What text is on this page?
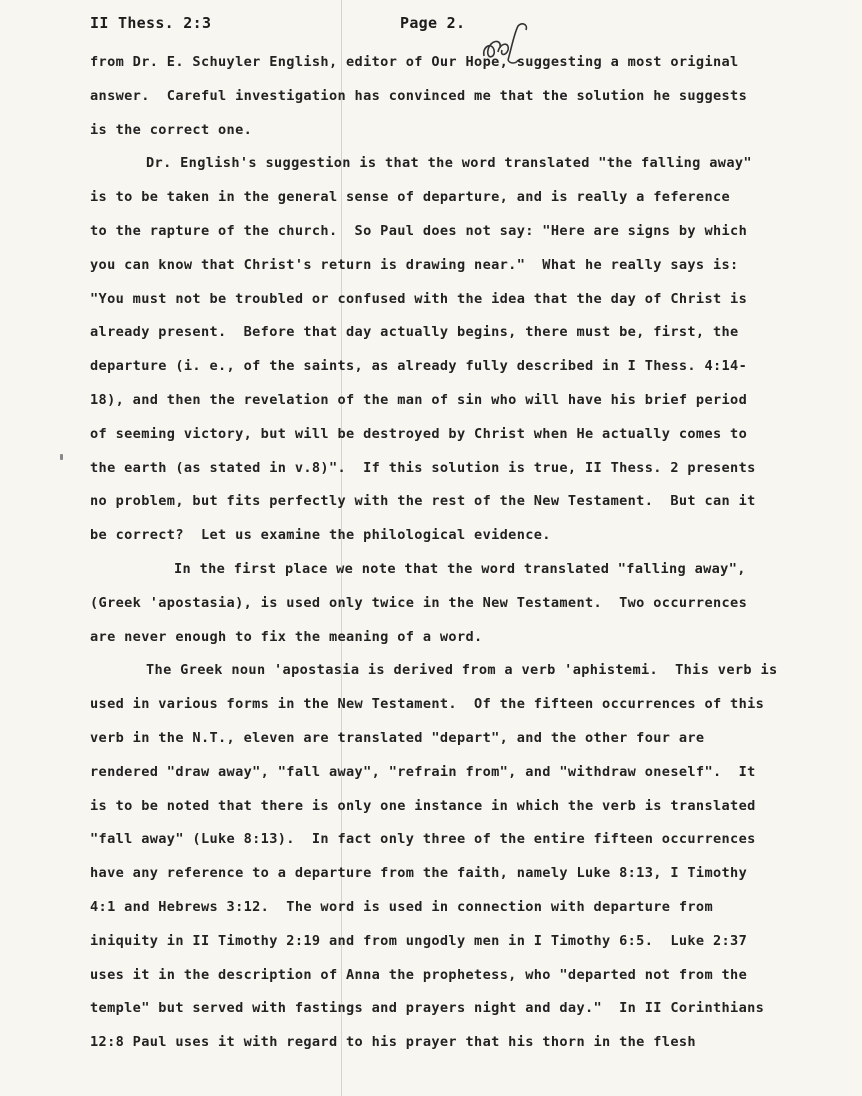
II Thess. 2:3	Page 2.
from Dr. E. Schuyler English, editor of Our Hope, suggesting a most original
answer.  Careful investigation has convinced me that the solution he suggests
is the correct one.
Dr. English's suggestion is that the word translated "the falling away"
is to be taken in the general sense of departure, and is really a feference
to the rapture of the church.  So Paul does not say: "Here are signs by which
you can know that Christ's return is drawing near."  What he really says is:
"You must not be troubled or confused with the idea that the day of Christ is
already present.  Before that day actually begins, there must be, first, the
departure (i. e., of the saints, as already fully described in I Thess. 4:14-
18), and then the revelation of the man of sin who will have his brief period
of seeming victory, but will be destroyed by Christ when He actually comes to
the earth (as stated in v.8)".  If this solution is true, II Thess. 2 presents
no problem, but fits perfectly with the rest of the New Testament.  But can it
be correct?  Let us examine the philological evidence.
In the first place we note that the word translated "falling away",
(Greek 'apostasia), is used only twice in the New Testament.  Two occurrences
are never enough to fix the meaning of a word.
The Greek noun 'apostasia is derived from a verb 'aphistemi.  This verb is
used in various forms in the New Testament.  Of the fifteen occurrences of this
verb in the N.T., eleven are translated "depart", and the other four are
rendered "draw away", "fall away", "refrain from", and "withdraw oneself".  It
is to be noted that there is only one instance in which the verb is translated
"fall away" (Luke 8:13).  In fact only three of the entire fifteen occurrences
have any reference to a departure from the faith, namely Luke 8:13, I Timothy
4:1 and Hebrews 3:12.  The word is used in connection with departure from
iniquity in II Timothy 2:19 and from ungodly men in I Timothy 6:5.  Luke 2:37
uses it in the description of Anna the prophetess, who "departed not from the
temple" but served with fastings and prayers night and day."  In II Corinthians
12:8 Paul uses it with regard to his prayer that his thorn in the flesh
